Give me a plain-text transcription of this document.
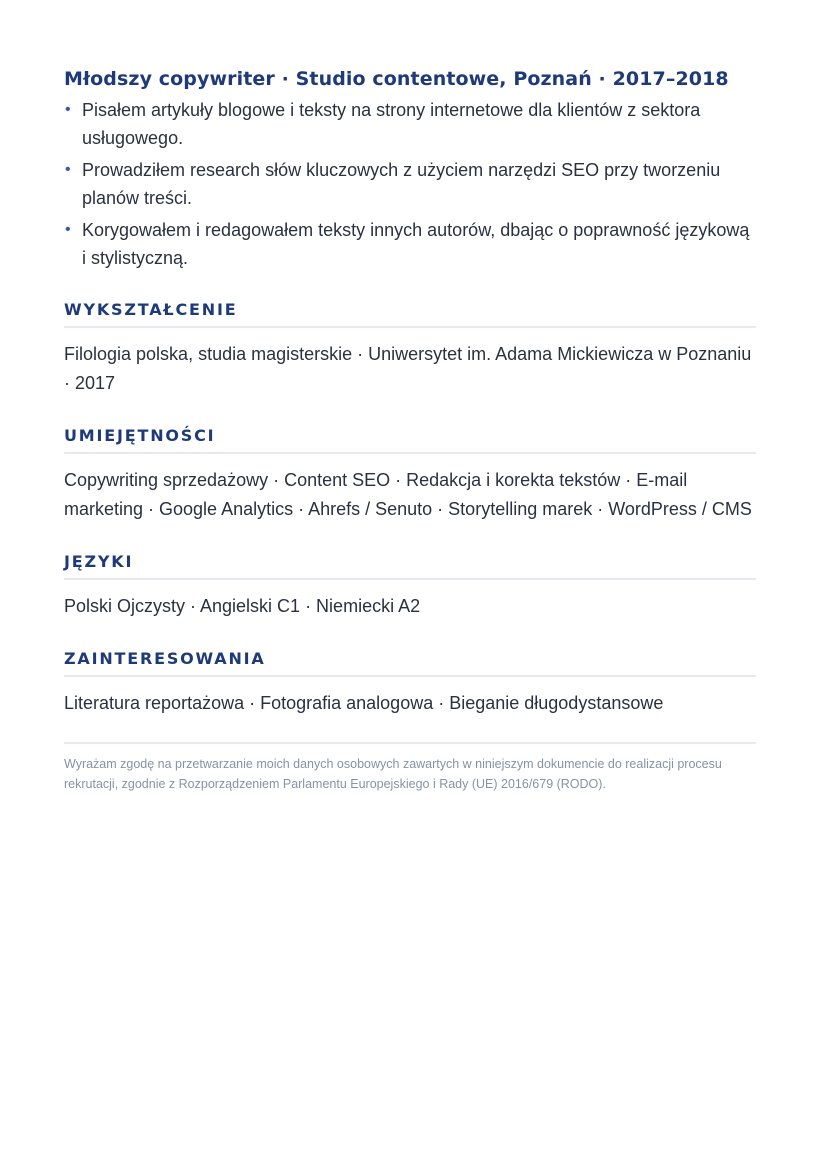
Młodszy copywriter · Studio contentowe, Poznań · 2017–2018
• Pisałem artykuły blogowe i teksty na strony internetowe dla klientów z sektora usługowego.
• Prowadziłem research słów kluczowych z użyciem narzędzi SEO przy tworzeniu planów treści.
• Korygowałem i redagowałem teksty innych autorów, dbając o poprawność językową i stylistyczną.
WYKSZTAŁCENIE

Filologia polska, studia magisterskie · Uniwersytet im. Adama Mickiewicza w Poznaniu · 2017

UMIEJĘTNOŚCI

Copywriting sprzedażowy · Content SEO · Redakcja i korekta tekstów · E-mail marketing · Google Analytics · Ahrefs / Senuto · Storytelling marek · WordPress / CMS

JĘZYKI

Polski Ojczysty · Angielski C1 · Niemiecki A2

ZAINTERESOWANIA

Literatura reportażowa · Fotografia analogowa · Bieganie długodystansowe

Wyrażam zgodę na przetwarzanie moich danych osobowych zawartych w niniejszym dokumencie do realizacji procesu rekrutacji, zgodnie z Rozporządzeniem Parlamentu Europejskiego i Rady (UE) 2016/679 (RODO).
